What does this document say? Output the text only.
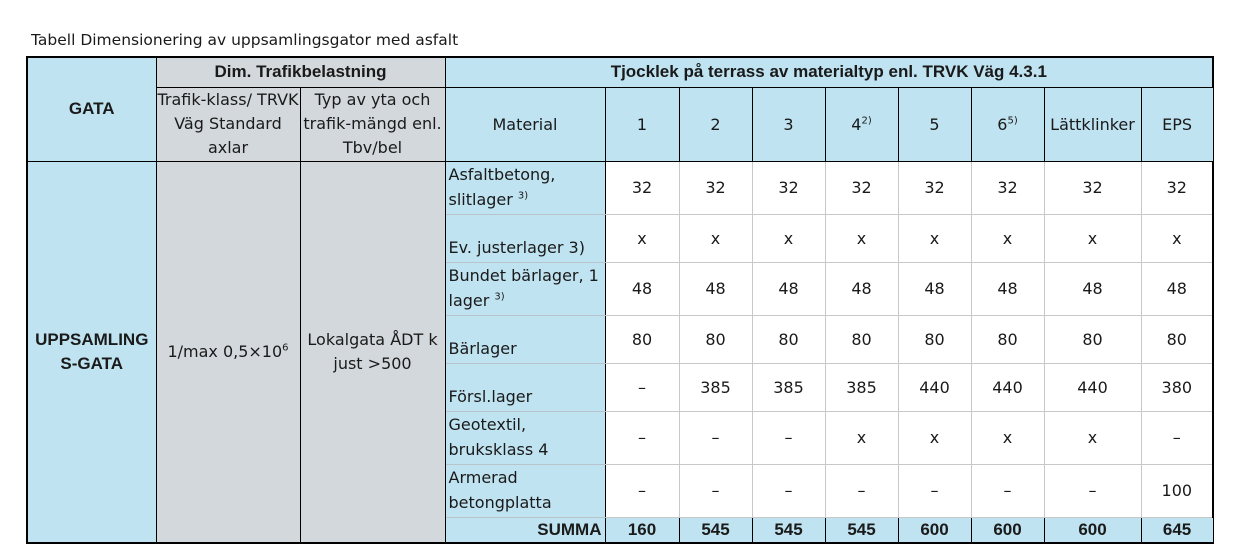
Tabell Dimensionering av uppsamlingsgator med asfalt
GATA	Dim. Trafikbelastning		Tjocklek på terrass av materialtyp enl. TRVK Väg 4.3.1								
	Trafik-klass/ TRVK Väg Standard axlar	Typ av yta och trafik-mängd enl. Tbv/bel	Material	1	2	3	4$^{2)}$	5	6$^{5)}$	Lättklinker	EPS
UPPSAMLING S-GATA	1/max $0,5\times 10^6$	Lokalgata ÅDT k just >500	Asfaltbetong, slitlager $^{3)}$	32	32	32	32	32	32	32	32
			Ev. justerlager 3)	x	x	x	x	x	x	x	x
			Bundet bärlager, 1 lager $^{3)}$	48	48	48	48	48	48	48	48
			Bärlager	80	80	80	80	80	80	80	80
			Försl.lager	–	385	385	385	440	440	440	380
			Geotextil, bruksklass 4	–	–	–	x	x	x	x	–
			Armerad betongplatta	–	–	–	–	–	–	–	100
			SUMMA	160	545	545	545	600	600	600	645
